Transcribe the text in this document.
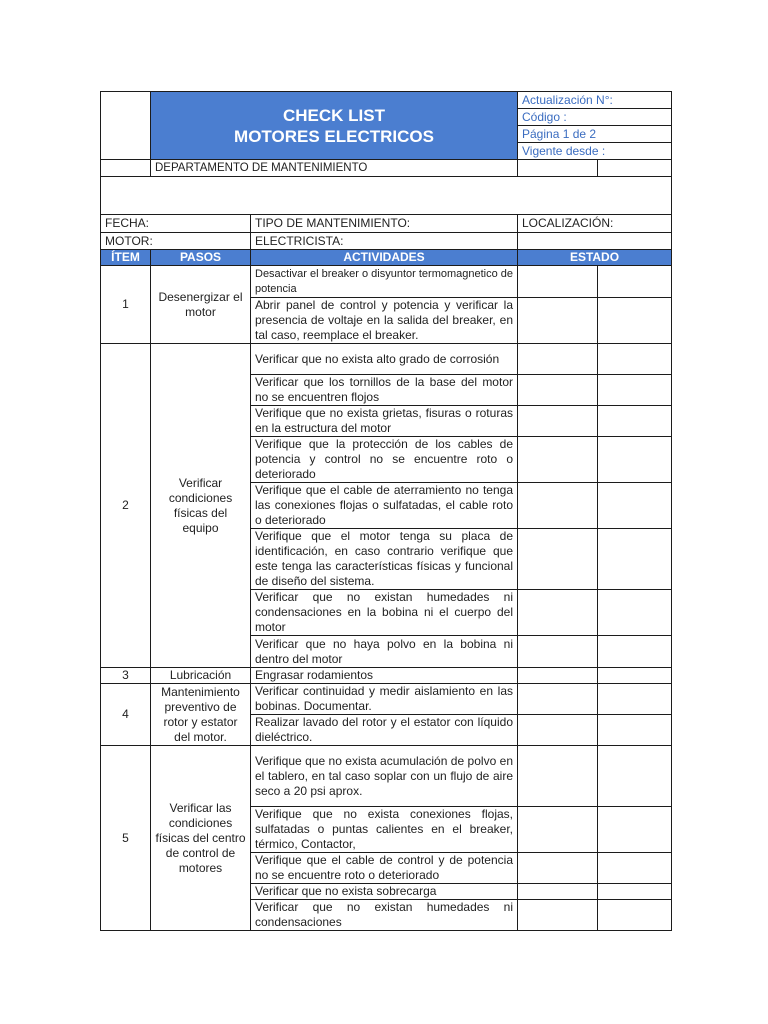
	CHECK LIST
MOTORES ELECTRICOS		Actualización N°:	
			Código :	
			Página 1 de 2	
			Vigente desde :	
	DEPARTAMENTO DE MANTENIMIENTO			

FECHA:		TIPO DE MANTENIMIENTO:	LOCALIZACIÓN:	
MOTOR:		ELECTRICISTA:		
ÍTEM	PASOS	ACTIVIDADES	ESTADO	
1	Desenergizar el motor	Desactivar el breaker o disyuntor termomagnetico de potencia		
		Abrir panel de control y potencia y verificar la presencia de voltaje en la salida del breaker, en tal caso, reemplace el breaker.		
2	Verificar condiciones físicas del equipo	Verificar que no exista alto grado de corrosión		
		Verificar que los tornillos de la base del motor no se encuentren flojos		
		Verifique que no exista grietas, fisuras o roturas en la estructura del motor		
		Verifique que la protección de los cables de potencia y control no se encuentre roto o deteriorado		
		Verifique que el cable de aterramiento no tenga las conexiones flojas o sulfatadas, el cable roto o deteriorado		
		Verifique que el motor tenga su placa de identificación, en caso contrario verifique que este tenga las características físicas y funcional de diseño del sistema.		
		Verificar que no existan humedades ni condensaciones en la bobina ni el cuerpo del motor		
		Verificar que no haya polvo en la bobina ni dentro del motor		
3	Lubricación	Engrasar rodamientos		
4	Mantenimiento preventivo de rotor y estator del motor.	Verificar continuidad y medir aislamiento en las bobinas. Documentar.		
		Realizar lavado del rotor y el estator con líquido dieléctrico.		
5	Verificar las condiciones físicas del centro de control de motores	Verifique que no exista acumulación de polvo en el tablero, en tal caso soplar con un flujo de aire seco a 20 psi aprox.		
		Verifique que no exista conexiones flojas, sulfatadas o puntas calientes en el breaker, térmico, Contactor,		
		Verifique que el cable de control y de potencia no se encuentre roto o deteriorado		
		Verificar que no exista sobrecarga		
		Verificar que no existan humedades ni condensaciones		
